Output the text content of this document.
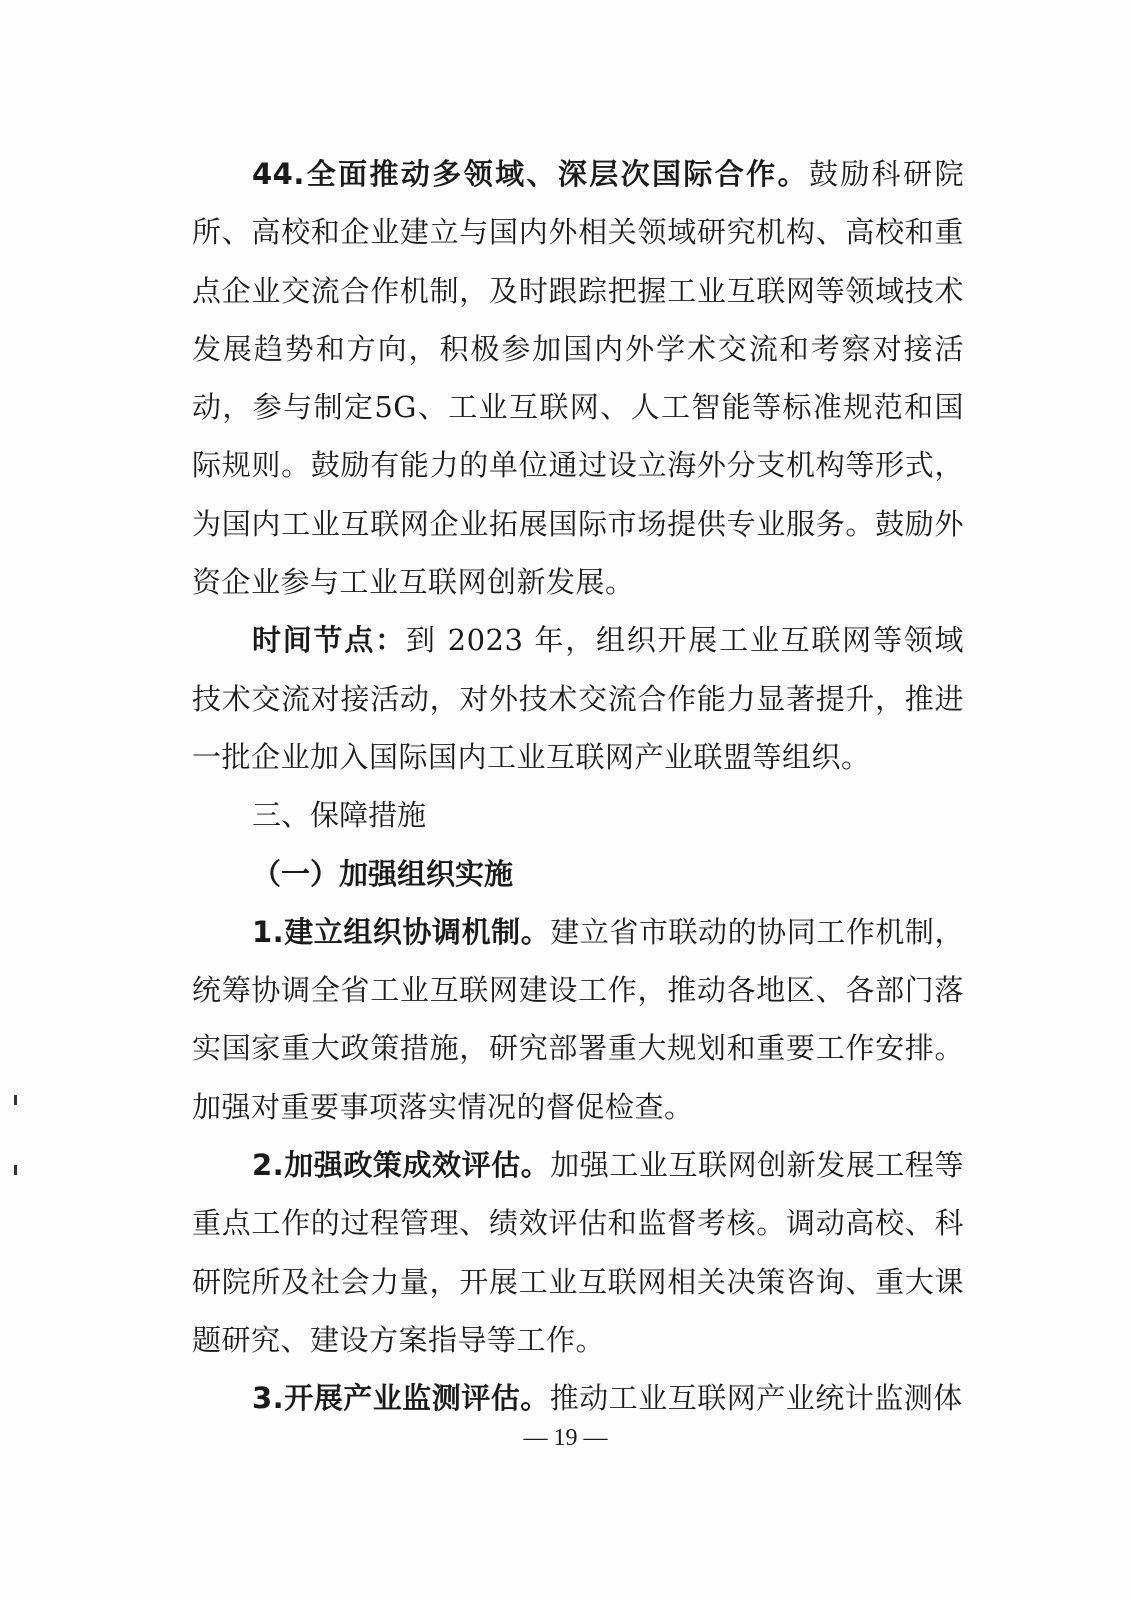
44.全面推动多领域、深层次国际合作。鼓励科研院所、高校和企业建立与国内外相关领域研究机构、高校和重点企业交流合作机制，及时跟踪把握工业互联网等领域技术发展趋势和方向，积极参加国内外学术交流和考察对接活动，参与制定5G、工业互联网、人工智能等标准规范和国际规则。鼓励有能力的单位通过设立海外分支机构等形式，为国内工业互联网企业拓展国际市场提供专业服务。鼓励外资企业参与工业互联网创新发展。

时间节点：到 2023 年，组织开展工业互联网等领域技术交流对接活动，对外技术交流合作能力显著提升，推进一批企业加入国际国内工业互联网产业联盟等组织。

三、保障措施

（一）加强组织实施

1.建立组织协调机制。建立省市联动的协同工作机制，统筹协调全省工业互联网建设工作，推动各地区、各部门落实国家重大政策措施，研究部署重大规划和重要工作安排。加强对重要事项落实情况的督促检查。

2.加强政策成效评估。加强工业互联网创新发展工程等重点工作的过程管理、绩效评估和监督考核。调动高校、科研院所及社会力量，开展工业互联网相关决策咨询、重大课题研究、建设方案指导等工作。

3.开展产业监测评估。推动工业互联网产业统计监测体

— 19 —
